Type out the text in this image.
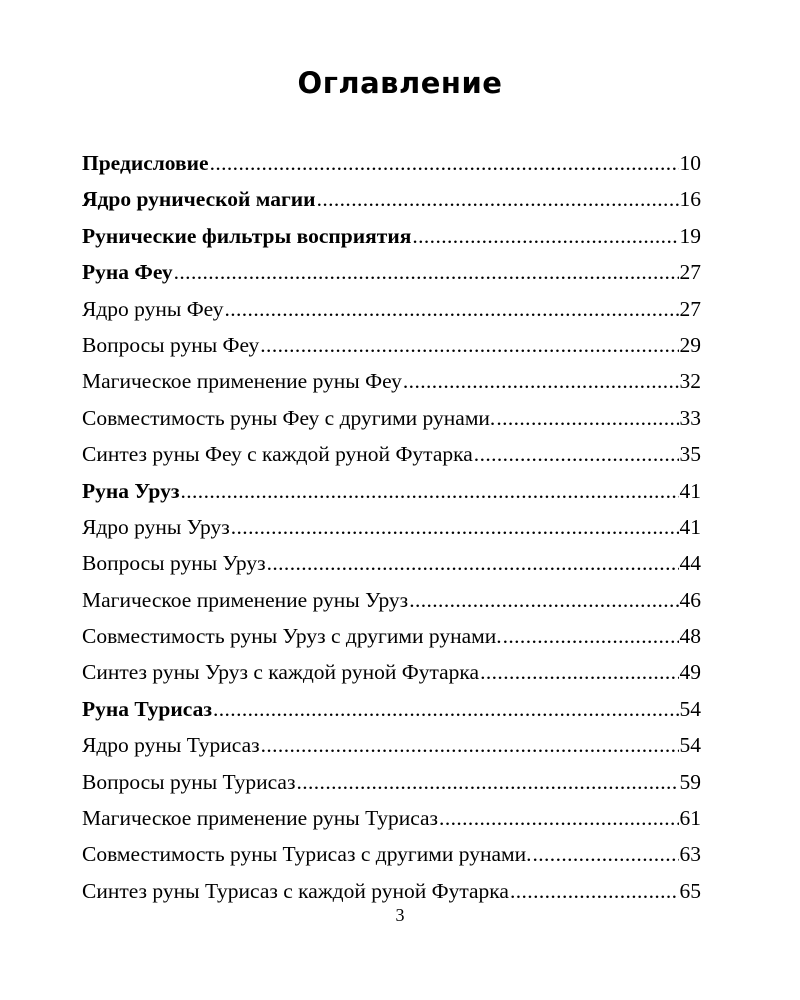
Оглавление
Предисловие .....	10
Ядро рунической магии .....	16
Рунические фильтры восприятия .....	19
Руна Феу .....	27
Ядро руны Феу .....	27
Вопросы руны Феу .....	29
Магическое применение руны Феу .....	32
Совместимость руны Феу с другими рунами. .....	33
Синтез руны Феу с каждой руной Футарка .....	35
Руна Уруз .....	41
Ядро руны Уруз .....	41
Вопросы руны Уруз .....	44
Магическое применение руны Уруз .....	46
Совместимость руны Уруз с другими рунами. .....	48
Синтез руны Уруз с каждой руной Футарка .....	49
Руна Турисаз .....	54
Ядро руны Турисаз .....	54
Вопросы руны Турисаз .....	59
Магическое применение руны Турисаз .....	61
Совместимость руны Турисаз с другими рунами. .....	63
Синтез руны Турисаз с каждой руной Футарка .....	65
3
